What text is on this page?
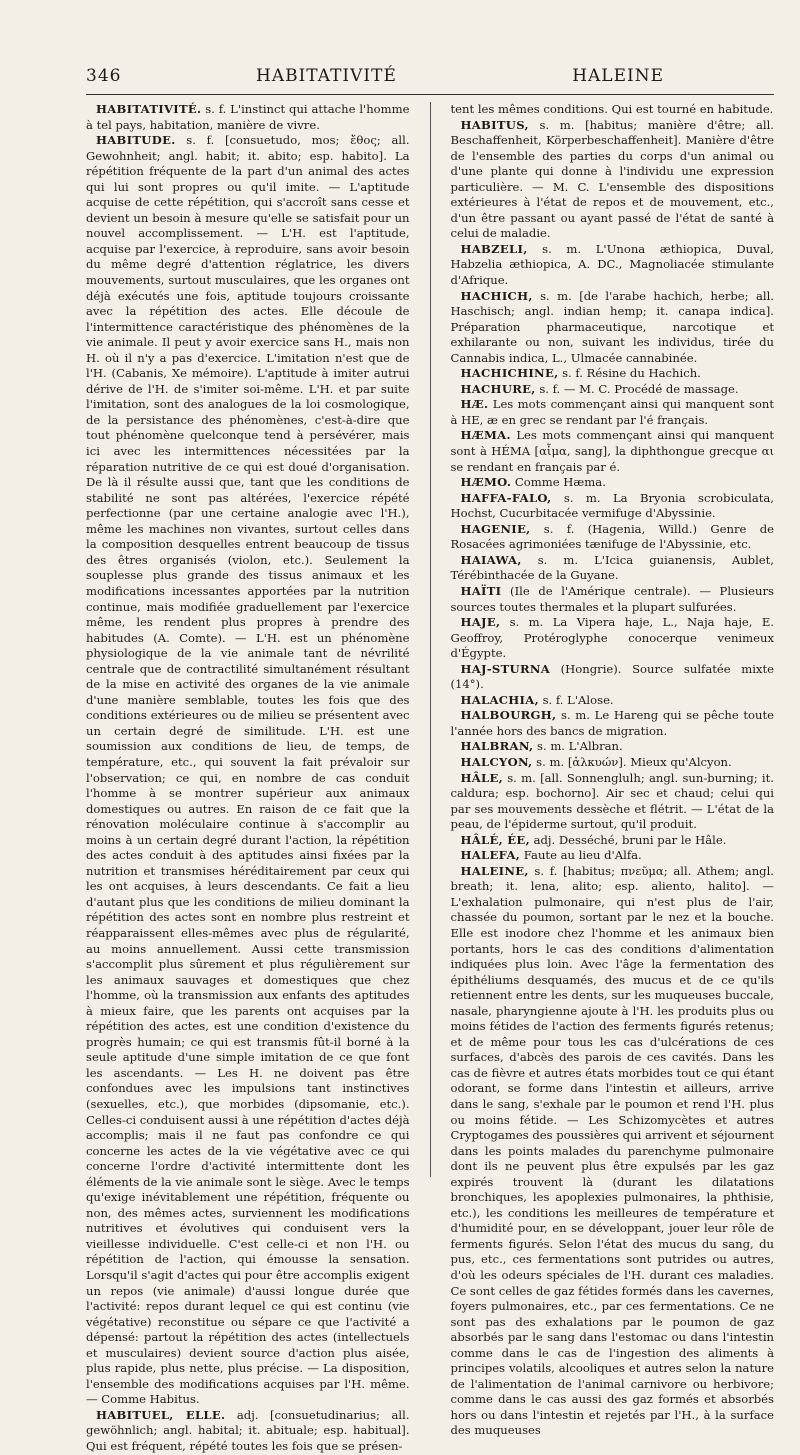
346	HABITATIVITÉ	HALEINE

HABITATIVITÉ. s. f. L'instinct qui attache l'homme à tel pays, habitation, manière de vivre.

HABITUDE. s. f. [consuetudo, mos; ἔθος; all. Gewohnheit; angl. habit; it. abito; esp. habito]. La répétition fréquente de la part d'un animal des actes qui lui sont propres ou qu'il imite. — L'aptitude acquise de cette répétition, qui s'accroît sans cesse et devient un besoin à mesure qu'elle se satisfait pour un nouvel accomplissement. — L'H. est l'aptitude, acquise par l'exercice, à reproduire, sans avoir besoin du même degré d'attention réglatrice, les divers mouvements, surtout musculaires, que les organes ont déjà exécutés une fois, aptitude toujours croissante avec la répétition des actes. Elle découle de l'intermittence caractéristique des phénomènes de la vie animale. Il peut y avoir exercice sans H., mais non H. où il n'y a pas d'exercice. L'imitation n'est que de l'H. (Cabanis, Xe mémoire). L'aptitude à imiter autrui dérive de l'H. de s'imiter soi-même. L'H. et par suite l'imitation, sont des analogues de la loi cosmologique, de la persistance des phénomènes, c'est-à-dire que tout phénomène quelconque tend à persévérer, mais ici avec les intermittences nécessitées par la réparation nutritive de ce qui est doué d'organisation. De là il résulte aussi que, tant que les conditions de stabilité ne sont pas altérées, l'exercice répété perfectionne (par une certaine analogie avec l'H.), même les machines non vivantes, surtout celles dans la composition desquelles entrent beaucoup de tissus des êtres organisés (violon, etc.). Seulement la souplesse plus grande des tissus animaux et les modifications incessantes apportées par la nutrition continue, mais modifiée graduellement par l'exercice même, les rendent plus propres à prendre des habitudes (A. Comte). — L'H. est un phénomène physiologique de la vie animale tant de névrilité centrale que de contractilité simultanément résultant de la mise en activité des organes de la vie animale d'une manière semblable, toutes les fois que des conditions extérieures ou de milieu se présentent avec un certain degré de similitude. L'H. est une soumission aux conditions de lieu, de temps, de température, etc., qui souvent la fait prévaloir sur l'observation; ce qui, en nombre de cas conduit l'homme à se montrer supérieur aux animaux domestiques ou autres. En raison de ce fait que la rénovation moléculaire continue à s'accomplir au moins à un certain degré durant l'action, la répétition des actes conduit à des aptitudes ainsi fixées par la nutrition et transmises héréditairement par ceux qui les ont acquises, à leurs descendants. Ce fait a lieu d'autant plus que les conditions de milieu dominant la répétition des actes sont en nombre plus restreint et réapparaissent elles-mêmes avec plus de régularité, au moins annuellement. Aussi cette transmission s'accomplit plus sûrement et plus régulièrement sur les animaux sauvages et domestiques que chez l'homme, où la transmission aux enfants des aptitudes à mieux faire, que les parents ont acquises par la répétition des actes, est une condition d'existence du progrès humain; ce qui est transmis fût-il borné à la seule aptitude d'une simple imitation de ce que font les ascendants. — Les H. ne doivent pas être confondues avec les impulsions tant instinctives (sexuelles, etc.), que morbides (dipsomanie, etc.). Celles-ci conduisent aussi à une répétition d'actes déjà accomplis; mais il ne faut pas confondre ce qui concerne les actes de la vie végétative avec ce qui concerne l'ordre d'activité intermittente dont les éléments de la vie animale sont le siège. Avec le temps qu'exige inévitablement une répétition, fréquente ou non, des mêmes actes, surviennent les modifications nutritives et évolutives qui conduisent vers la vieillesse individuelle. C'est celle-ci et non l'H. ou répétition de l'action, qui émousse la sensation. Lorsqu'il s'agit d'actes qui pour être accomplis exigent un repos (vie animale) d'aussi longue durée que l'activité: repos durant lequel ce qui est continu (vie végétative) reconstitue ou sépare ce que l'activité a dépensé: partout la répétition des actes (intellectuels et musculaires) devient source d'action plus aisée, plus rapide, plus nette, plus précise. — La disposition, l'ensemble des modifications acquises par l'H. même. — Comme Habitus.

HABITUEL, ELLE. adj. [consuetudinarius; all. gewöhnlich; angl. habital; it. abituale; esp. habitual]. Qui est fréquent, répété toutes les fois que se présen-

tent les mêmes conditions. Qui est tourné en habitude.

HABITUS, s. m. [habitus; manière d'être; all. Beschaffenheit, Körperbeschaffenheit]. Manière d'être de l'ensemble des parties du corps d'un animal ou d'une plante qui donne à l'individu une expression particulière. — M. C. L'ensemble des dispositions extérieures à l'état de repos et de mouvement, etc., d'un être passant ou ayant passé de l'état de santé à celui de maladie.

HABZELI, s. m. L'Unona æthiopica, Duval, Habzelia æthiopica, A. DC., Magnoliacée stimulante d'Afrique.

HACHICH, s. m. [de l'arabe hachich, herbe; all. Haschisch; angl. indian hemp; it. canapa indica]. Préparation pharmaceutique, narcotique et exhilarante ou non, suivant les individus, tirée du Cannabis indica, L., Ulmacée cannabinée.

HACHICHINE, s. f. Résine du Hachich.

HACHURE, s. f. — M. C. Procédé de massage.

HÆ. Les mots commençant ainsi qui manquent sont à HE, æ en grec se rendant par l'é français.

HÆMA. Les mots commençant ainsi qui manquent sont à HÉMA [αἷμα, sang], la diphthongue grecque αι se rendant en français par é.

HÆMO. Comme Hæma.

HAFFA-FALO, s. m. La Bryonia scrobiculata, Hochst, Cucurbitacée vermifuge d'Abyssinie.

HAGENIE, s. f. (Hagenia, Willd.) Genre de Rosacées agrimoniées tænifuge de l'Abyssinie, etc.

HAIAWA, s. m. L'Icica guianensis, Aublet, Térébinthacée de la Guyane.

HAÏTI (Ile de l'Amérique centrale). — Plusieurs sources toutes thermales et la plupart sulfurées.

HAJE, s. m. La Vipera haje, L., Naja haje, E. Geoffroy, Protéroglyphe conocerque venimeux d'Égypte.

HAJ-STURNA (Hongrie). Source sulfatée mixte (14°).

HALACHIA, s. f. L'Alose.

HALBOURGH, s. m. Le Hareng qui se pêche toute l'année hors des bancs de migration.

HALBRAN, s. m. L'Albran.

HALCYON, s. m. [ἀλκυών]. Mieux qu'Alcyon.

HÂLE, s. m. [all. Sonnenglulh; angl. sun-burning; it. caldura; esp. bochorno]. Air sec et chaud; celui qui par ses mouvements dessèche et flétrit. — L'état de la peau, de l'épiderme surtout, qu'il produit.

HÂLÉ, ÉE, adj. Desséché, bruni par le Hâle.

HALEFA, Faute au lieu d'Alfa.

HALEINE, s. f. [habitus; πνεῦμα; all. Athem; angl. breath; it. lena, alito; esp. aliento, halito]. — L'exhalation pulmonaire, qui n'est plus de l'air, chassée du poumon, sortant par le nez et la bouche. Elle est inodore chez l'homme et les animaux bien portants, hors le cas des conditions d'alimentation indiquées plus loin. Avec l'âge la fermentation des épithéliums desquamés, des mucus et de ce qu'ils retiennent entre les dents, sur les muqueuses buccale, nasale, pharyngienne ajoute à l'H. les produits plus ou moins fétides de l'action des ferments figurés retenus; et de même pour tous les cas d'ulcérations de ces surfaces, d'abcès des parois de ces cavités. Dans les cas de fièvre et autres états morbides tout ce qui étant odorant, se forme dans l'intestin et ailleurs, arrive dans le sang, s'exhale par le poumon et rend l'H. plus ou moins fétide. — Les Schizomycètes et autres Cryptogames des poussières qui arrivent et séjournent dans les points malades du parenchyme pulmonaire dont ils ne peuvent plus être expulsés par les gaz expirés trouvent là (durant les dilatations bronchiques, les apoplexies pulmonaires, la phthisie, etc.), les conditions les meilleures de température et d'humidité pour, en se développant, jouer leur rôle de ferments figurés. Selon l'état des mucus du sang, du pus, etc., ces fermentations sont putrides ou autres, d'où les odeurs spéciales de l'H. durant ces maladies. Ce sont celles de gaz fétides formés dans les cavernes, foyers pulmonaires, etc., par ces fermentations. Ce ne sont pas des exhalations par le poumon de gaz absorbés par le sang dans l'estomac ou dans l'intestin comme dans le cas de l'ingestion des aliments à principes volatils, alcooliques et autres selon la nature de l'alimentation de l'animal carnivore ou herbivore; comme dans le cas aussi des gaz formés et absorbés hors ou dans l'intestin et rejetés par l'H., à la surface des muqueuses
